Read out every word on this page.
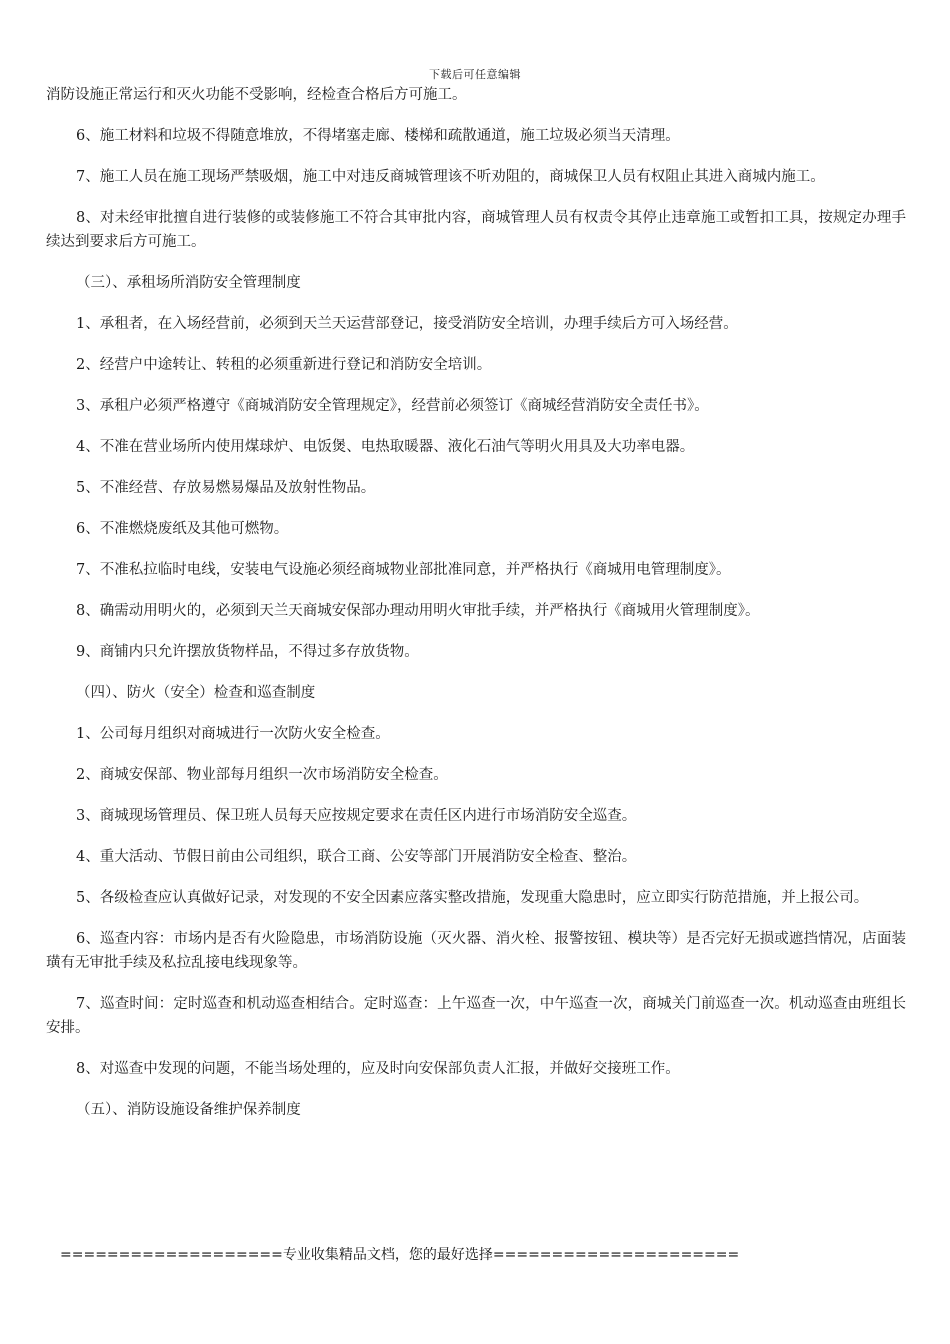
下载后可任意编辑

消防设施正常运行和灭火功能不受影响，经检查合格后方可施工。

6、施工材料和垃圾不得随意堆放，不得堵塞走廊、楼梯和疏散通道，施工垃圾必须当天清理。

7、施工人员在施工现场严禁吸烟，施工中对违反商城管理该不听劝阻的，商城保卫人员有权阻止其进入商城内施工。

8、对未经审批擅自进行装修的或装修施工不符合其审批内容，商城管理人员有权责令其停止违章施工或暂扣工具，按规定办理手续达到要求后方可施工。

（三）、承租场所消防安全管理制度

1、承租者，在入场经营前，必须到天兰天运营部登记，接受消防安全培训，办理手续后方可入场经营。

2、经营户中途转让、转租的必须重新进行登记和消防安全培训。

3、承租户必须严格遵守《商城消防安全管理规定》，经营前必须签订《商城经营消防安全责任书》。

4、不准在营业场所内使用煤球炉、电饭煲、电热取暖器、液化石油气等明火用具及大功率电器。

5、不准经营、存放易燃易爆品及放射性物品。

6、不准燃烧废纸及其他可燃物。

7、不准私拉临时电线，安装电气设施必须经商城物业部批准同意，并严格执行《商城用电管理制度》。

8、确需动用明火的，必须到天兰天商城安保部办理动用明火审批手续，并严格执行《商城用火管理制度》。

9、商铺内只允许摆放货物样品，不得过多存放货物。

（四）、防火（安全）检查和巡查制度

1、公司每月组织对商城进行一次防火安全检查。

2、商城安保部、物业部每月组织一次市场消防安全检查。

3、商城现场管理员、保卫班人员每天应按规定要求在责任区内进行市场消防安全巡查。

4、重大活动、节假日前由公司组织，联合工商、公安等部门开展消防安全检查、整治。

5、各级检查应认真做好记录，对发现的不安全因素应落实整改措施，发现重大隐患时，应立即实行防范措施，并上报公司。

6、巡查内容：市场内是否有火险隐患，市场消防设施（灭火器、消火栓、报警按钮、模块等）是否完好无损或遮挡情况，店面装璜有无审批手续及私拉乱接电线现象等。

7、巡查时间：定时巡查和机动巡查相结合。定时巡查：上午巡查一次，中午巡查一次，商城关门前巡查一次。机动巡查由班组长安排。

8、对巡查中发现的问题，不能当场处理的，应及时向安保部负责人汇报，并做好交接班工作。

（五）、消防设施设备维护保养制度

===================专业收集精品文档，您的最好选择=====================
